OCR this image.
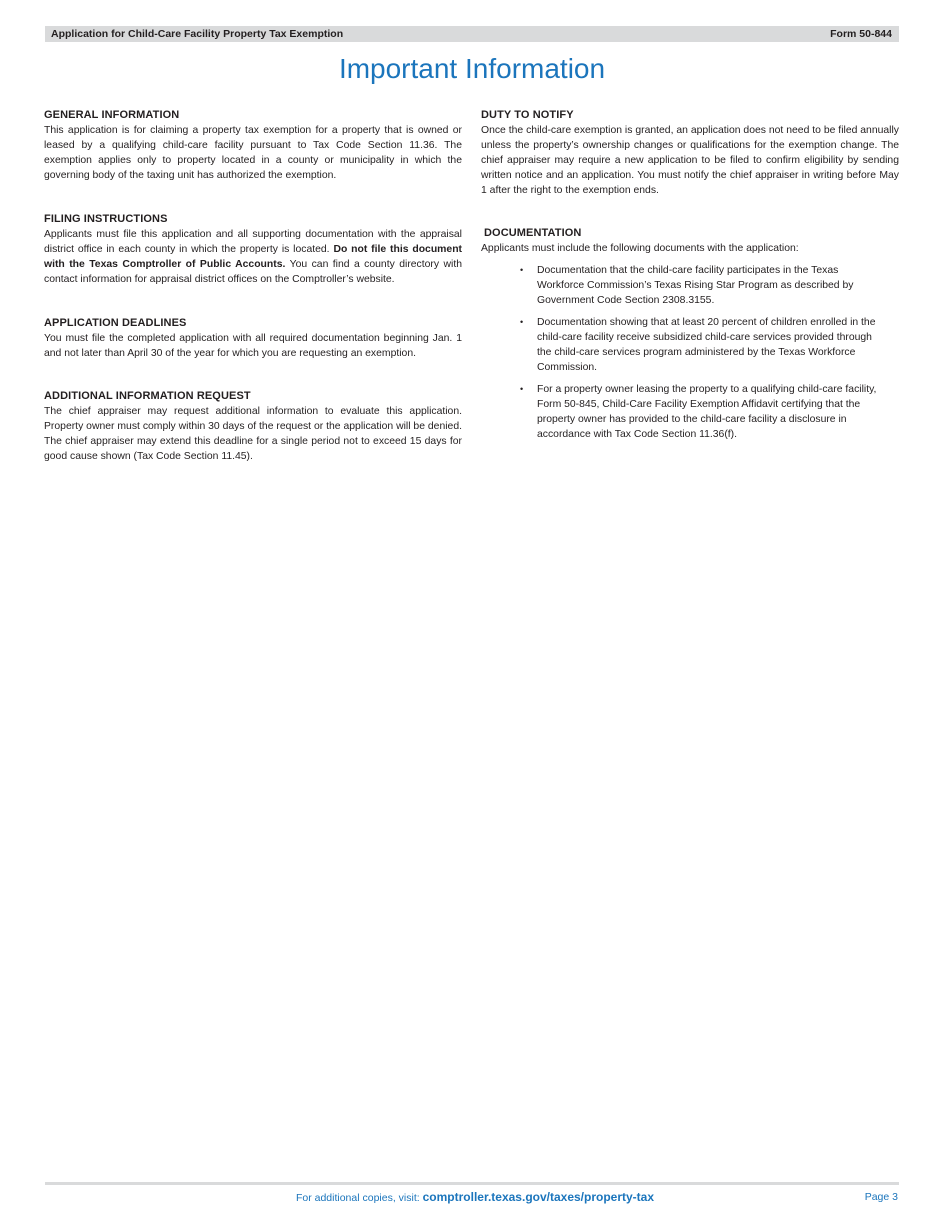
Application for Child-Care Facility Property Tax Exemption	Form 50-844
Important Information
GENERAL INFORMATION

This application is for claiming a property tax exemption for a property that is owned or leased by a qualifying child-care facility pursuant to Tax Code Section 11.36. The exemption applies only to property located in a county or municipality in which the governing body of the taxing unit has authorized the exemption.

FILING INSTRUCTIONS

Applicants must file this application and all supporting documentation with the appraisal district office in each county in which the property is located. Do not file this document with the Texas Comptroller of Public Accounts. You can find a county directory with contact information for appraisal district offices on the Comptroller’s website.

APPLICATION DEADLINES

You must file the completed application with all required documentation beginning Jan. 1 and not later than April 30 of the year for which you are requesting an exemption.

ADDITIONAL INFORMATION REQUEST

The chief appraiser may request additional information to evaluate this application. Property owner must comply within 30 days of the request or the application will be denied. The chief appraiser may extend this deadline for a single period not to exceed 15 days for good cause shown (Tax Code Section 11.45).

DUTY TO NOTIFY

Once the child-care exemption is granted, an application does not need to be filed annually unless the property’s ownership changes or qualifications for the exemption change. The chief appraiser may require a new application to be filed to confirm eligibility by sending written notice and an application. You must notify the chief appraiser in writing before May 1 after the right to the exemption ends.

DOCUMENTATION

Applicants must include the following documents with the application:

• Documentation that the child-care facility participates in the Texas Workforce Commission’s Texas Rising Star Program as described by Government Code Section 2308.3155.
• Documentation showing that at least 20 percent of children enrolled in the child-care facility receive subsidized child-care services provided through the child-care services program administered by the Texas Workforce Commission.
• For a property owner leasing the property to a qualifying child-care facility, Form 50-845, Child-Care Facility Exemption Affidavit certifying that the property owner has provided to the child-care facility a disclosure in accordance with Tax Code Section 11.36(f).
For additional copies, visit: comptroller.texas.gov/taxes/property-tax	Page 3
